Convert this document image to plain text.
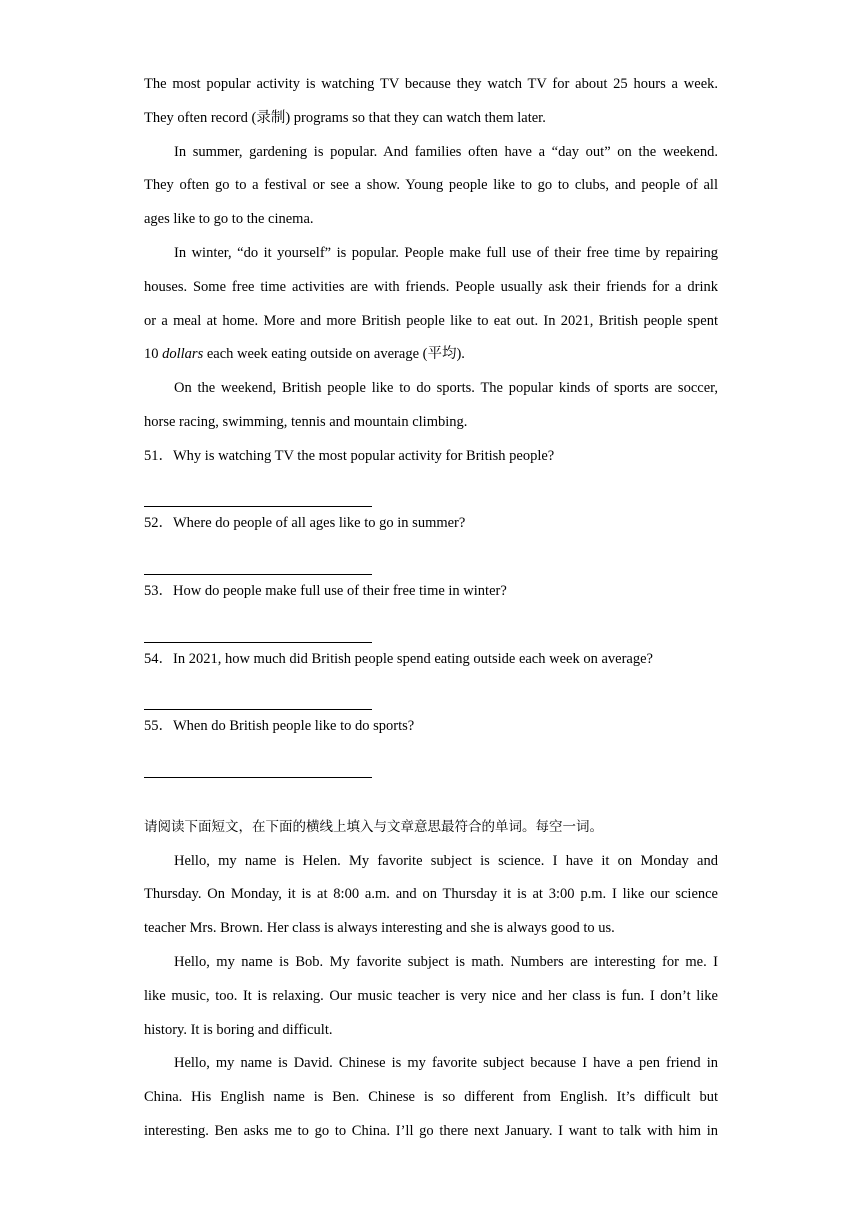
The most popular activity is watching TV because they watch TV for about 25 hours a week.
They often record (录制) programs so that they can watch them later.

In summer, gardening is popular. And families often have a “day out” on the weekend.
They often go to a festival or see a show. Young people like to go to clubs, and people of all
ages like to go to the cinema.

In winter, “do it yourself” is popular. People make full use of their free time by repairing
houses. Some free time activities are with friends. People usually ask their friends for a drink
or a meal at home. More and more British people like to eat out. In 2021, British people spent
10 dollars each week eating outside on average (平均).

On the weekend, British people like to do sports. The popular kinds of sports are soccer,
horse racing, swimming, tennis and mountain climbing.

51．Why is watching TV the most popular activity for British people?

52．Where do people of all ages like to go in summer?

53．How do people make full use of their free time in winter?

54．In 2021, how much did British people spend eating outside each week on average?

55．When do British people like to do sports?

请阅读下面短文，在下面的横线上填入与文章意思最符合的单词。每空一词。

Hello, my name is Helen. My favorite subject is science. I have it on Monday and
Thursday. On Monday, it is at 8:00 a.m. and on Thursday it is at 3:00 p.m. I like our science
teacher Mrs. Brown. Her class is always interesting and she is always good to us.

Hello, my name is Bob. My favorite subject is math. Numbers are interesting for me. I
like music, too. It is relaxing. Our music teacher is very nice and her class is fun. I don’t like
history. It is boring and difficult.

Hello, my name is David. Chinese is my favorite subject because I have a pen friend in
China. His English name is Ben. Chinese is so different from English. It’s difficult but
interesting. Ben asks me to go to China. I’ll go there next January. I want to talk with him in
